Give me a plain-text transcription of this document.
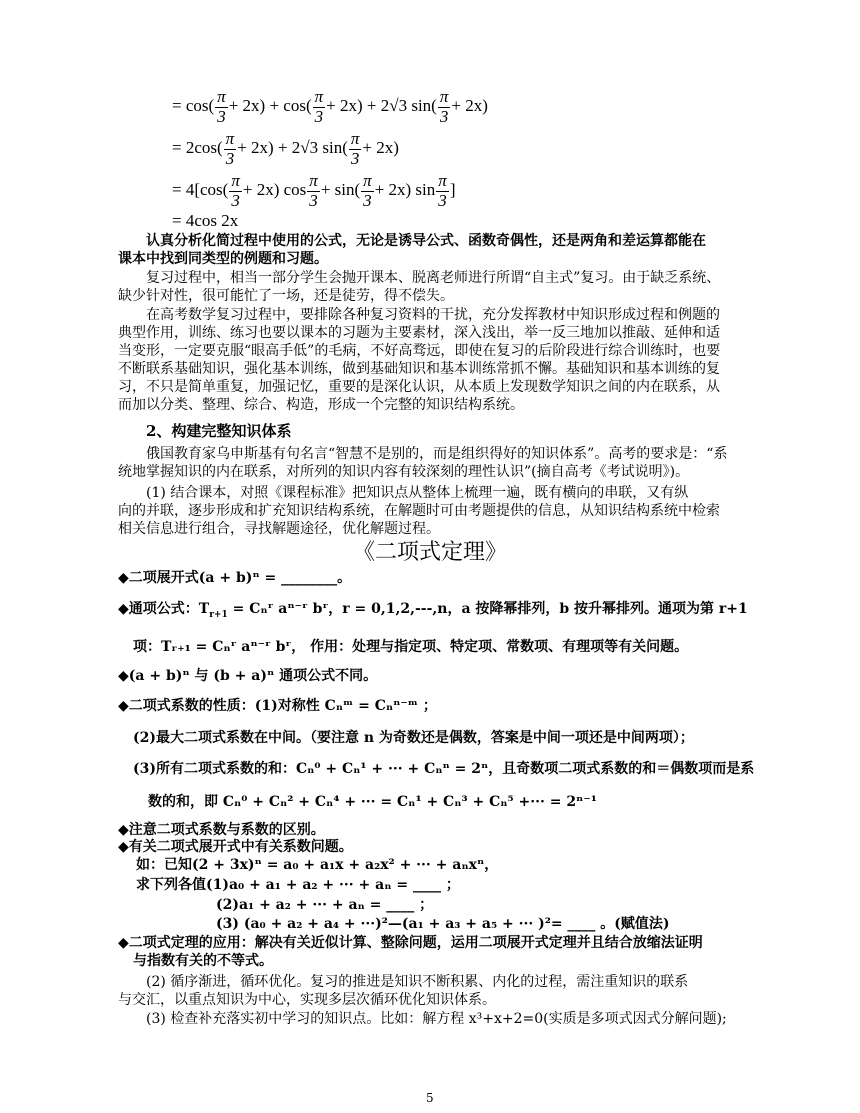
= $\cos( \frac{\pi}{3} + 2x) + \cos( \frac{\pi}{3} + 2x) + 2√3$ $\sin( \frac{\pi}{3} + 2x)$
= $2\cos( \frac{\pi}{3} + 2x) + 2√3$ $\sin( \frac{\pi}{3} + 2x)$
= $4[\cos( \frac{\pi}{3} + 2x)$ $\cos \frac{\pi}{3} + \sin( \frac{\pi}{3} + 2x)$ $\sin \frac{\pi}{3}$ ]
= 4cos 2x
认真分析化简过程中使用的公式，无论是诱导公式、函数奇偶性，还是两角和差运算都能在
课本中找到同类型的例题和习题。
复习过程中，相当一部分学生会抛开课本、脱离老师进行所谓“自主式”复习。由于缺乏系统、
缺少针对性，很可能忙了一场，还是徒劳，得不偿失。
在高考数学复习过程中，要排除各种复习资料的干扰，充分发挥教材中知识形成过程和例题的
典型作用，训练、练习也要以课本的习题为主要素材，深入浅出，举一反三地加以推敲、延伸和适
当变形，一定要克服“眼高手低”的毛病，不好高骛远，即使在复习的后阶段进行综合训练时，也要
不断联系基础知识，强化基本训练，做到基础知识和基本训练常抓不懈。基础知识和基本训练的复
习，不只是简单重复，加强记忆，重要的是深化认识，从本质上发现数学知识之间的内在联系，从
而加以分类、整理、综合、构造，形成一个完整的知识结构系统。
2、构建完整知识体系
俄国教育家乌申斯基有句名言“智慧不是别的，而是组织得好的知识体系”。高考的要求是：“系
统地掌握知识的内在联系，对所列的知识内容有较深刻的理性认识”(摘自高考《考试说明》)。
(1) 结合课本，对照《课程标准》把知识点从整体上梳理一遍，既有横向的串联，又有纵
向的并联，逐步形成和扩充知识结构系统，在解题时可由考题提供的信息，从知识结构系统中检索
相关信息进行组合，寻找解题途径，优化解题过程。
《二项式定理》
◆二项展开式(a + b)ⁿ = ________。
◆通项公式：$T_{r+1}$ = Cₙʳ aⁿ⁻ʳ bʳ，r = 0,1,2,---,n，a 按降幂排列，b 按升幂排列。通项为第 r+1
项：Tᵣ₊₁ = Cₙʳ aⁿ⁻ʳ bʳ， 作用：处理与指定项、特定项、常数项、有理项等有关问题。
◆(a + b)ⁿ 与 (b + a)ⁿ 通项公式不同。
◆二项式系数的性质：(1)对称性 Cₙᵐ = Cₙⁿ⁻ᵐ ；
(2)最大二项式系数在中间。（要注意 n 为奇数还是偶数，答案是中间一项还是中间两项）；
(3)所有二项式系数的和：Cₙ⁰ + Cₙ¹ + ··· + Cₙⁿ = 2ⁿ，且奇数项二项式系数的和＝偶数项而是系
数的和，即 Cₙ⁰ + Cₙ² + Cₙ⁴ + ··· = Cₙ¹ + Cₙ³ + Cₙ⁵ +··· = 2ⁿ⁻¹
◆注意二项式系数与系数的区别。
◆有关二项式展开式中有关系数问题。
如：已知(2 + 3x)ⁿ = a₀ + a₁x + a₂x² + ··· + aₙxⁿ，
求下列各值(1)a₀ + a₁ + a₂ + ··· + aₙ = ____ ；
(2)a₁ + a₂ + ··· + aₙ = ____ ；
(3) (a₀ + a₂ + a₄ + ···)²—(a₁ + a₃ + a₅ + ··· )²= ____ 。(赋值法)
◆二项式定理的应用：解决有关近似计算、整除问题，运用二项展开式定理并且结合放缩法证明
与指数有关的不等式。
(2) 循序渐进，循环优化。复习的推进是知识不断积累、内化的过程，需注重知识的联系
与交汇，以重点知识为中心，实现多层次循环优化知识体系。
(3) 检查补充落实初中学习的知识点。比如：解方程 x³+x+2=0(实质是多项式因式分解问题);
5
